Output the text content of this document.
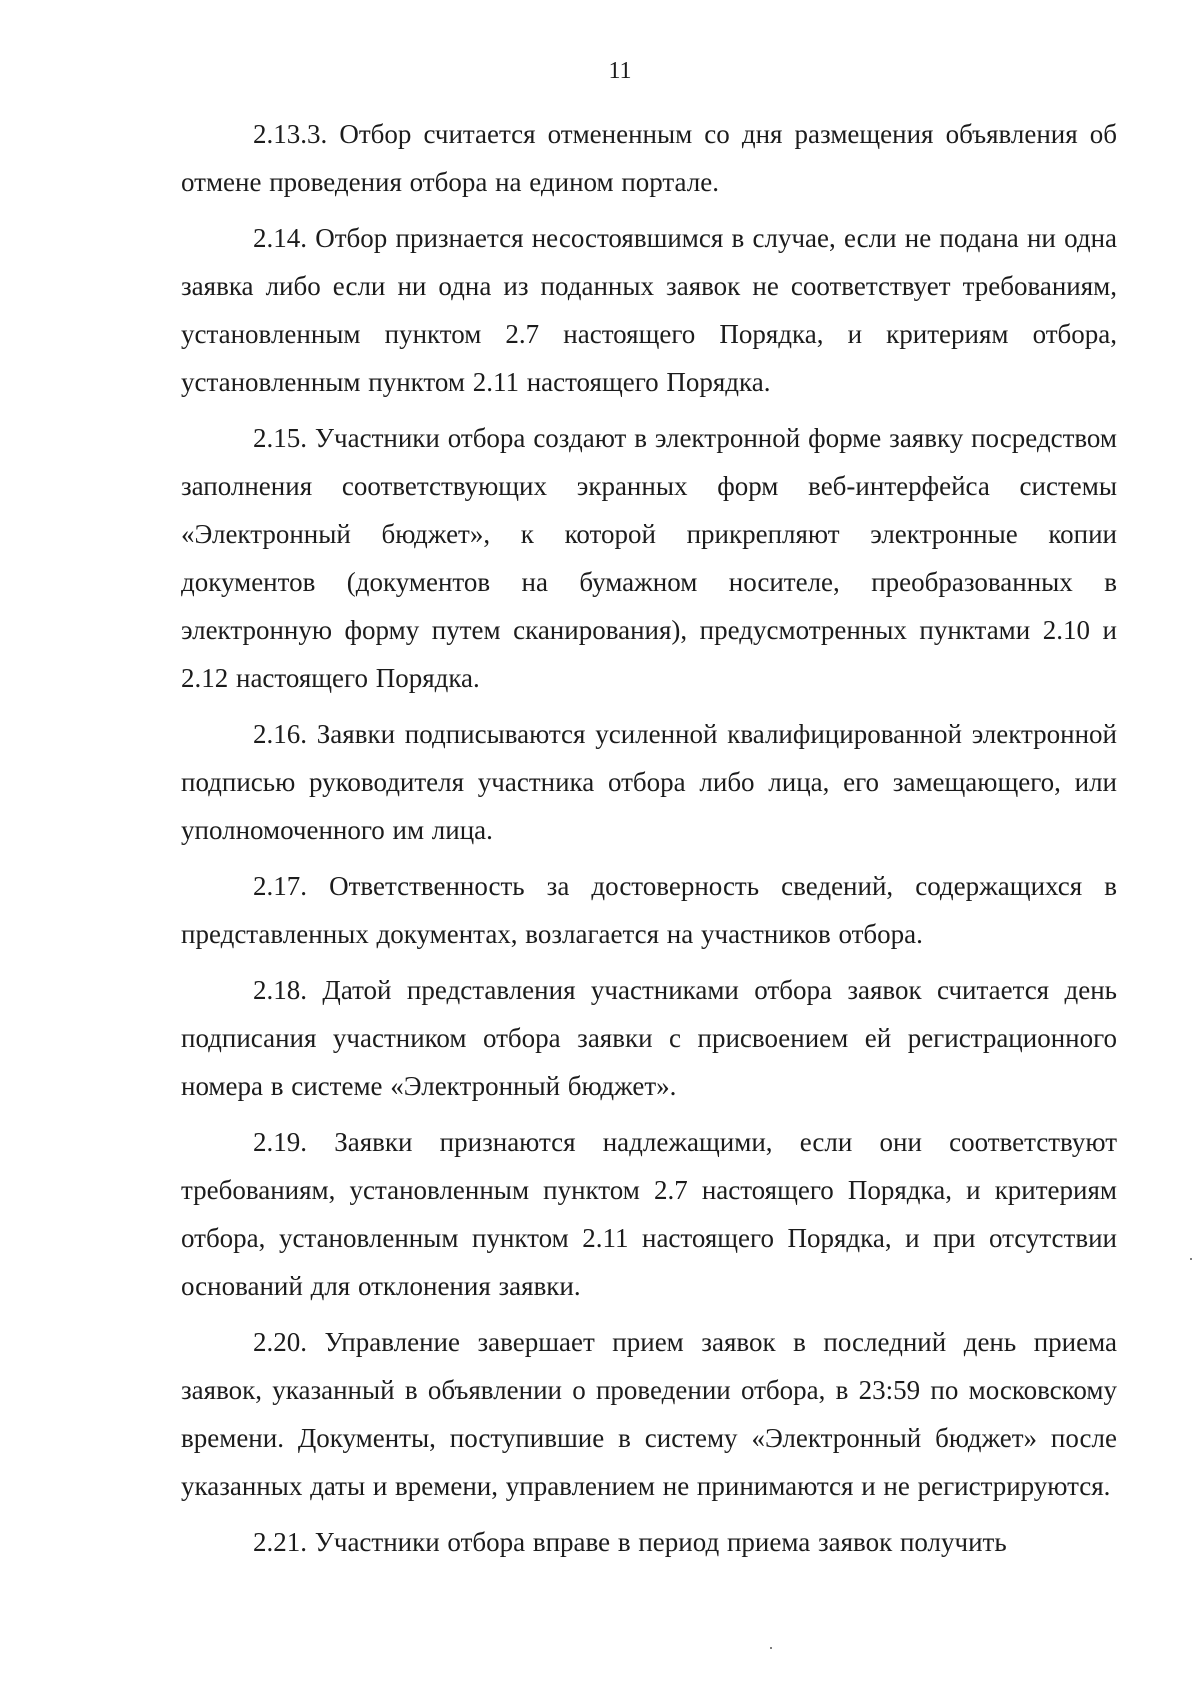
11

2.13.3. Отбор считается отмененным со дня размещения объявления об отмене проведения отбора на едином портале.

2.14. Отбор признается несостоявшимся в случае, если не подана ни одна заявка либо если ни одна из поданных заявок не соответствует требованиям, установленным пунктом 2.7 настоящего Порядка, и критериям отбора, установленным пунктом 2.11 настоящего Порядка.

2.15. Участники отбора создают в электронной форме заявку посредством заполнения соответствующих экранных форм веб-интерфейса системы «Электронный бюджет», к которой прикрепляют электронные копии документов (документов на бумажном носителе, преобразованных в электронную форму путем сканирования), предусмотренных пунктами 2.10 и 2.12 настоящего Порядка.

2.16. Заявки подписываются усиленной квалифицированной электронной подписью руководителя участника отбора либо лица, его замещающего, или уполномоченного им лица.

2.17. Ответственность за достоверность сведений, содержащихся в представленных документах, возлагается на участников отбора.

2.18. Датой представления участниками отбора заявок считается день подписания участником отбора заявки с присвоением ей регистрационного номера в системе «Электронный бюджет».

2.19. Заявки признаются надлежащими, если они соответствуют требованиям, установленным пунктом 2.7 настоящего Порядка, и критериям отбора, установленным пунктом 2.11 настоящего Порядка, и при отсутствии оснований для отклонения заявки.

2.20. Управление завершает прием заявок в последний день приема заявок, указанный в объявлении о проведении отбора, в 23:59 по московскому времени. Документы, поступившие в систему «Электронный бюджет» после указанных даты и времени, управлением не принимаются и не регистрируются.

2.21. Участники отбора вправе в период приема заявок получить
